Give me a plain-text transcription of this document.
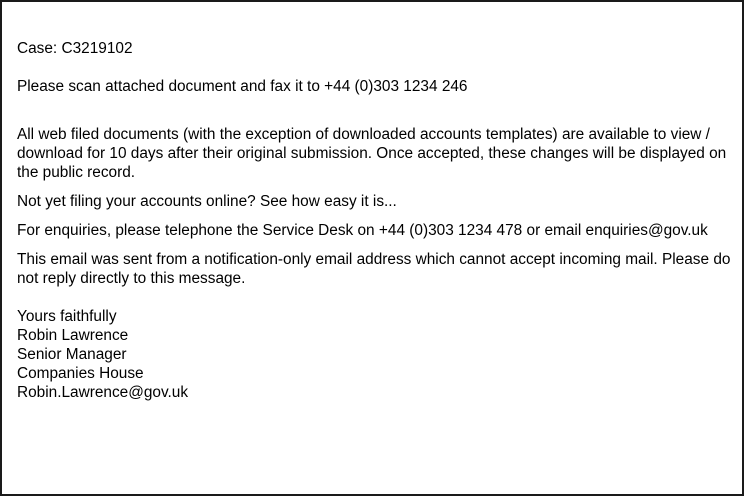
Case: C3219102

Please scan attached document and fax it to +44 (0)303 1234 246

All web filed documents (with the exception of downloaded accounts templates) are available to view / download for 10 days after their original submission. Once accepted, these changes will be displayed on the public record.

Not yet filing your accounts online? See how easy it is...

For enquiries, please telephone the Service Desk on +44 (0)303 1234 478 or email enquiries@gov.uk

This email was sent from a notification-only email address which cannot accept incoming mail. Please do not reply directly to this message.

Yours faithfully
Robin Lawrence
Senior Manager
Companies House
Robin.Lawrence@gov.uk
